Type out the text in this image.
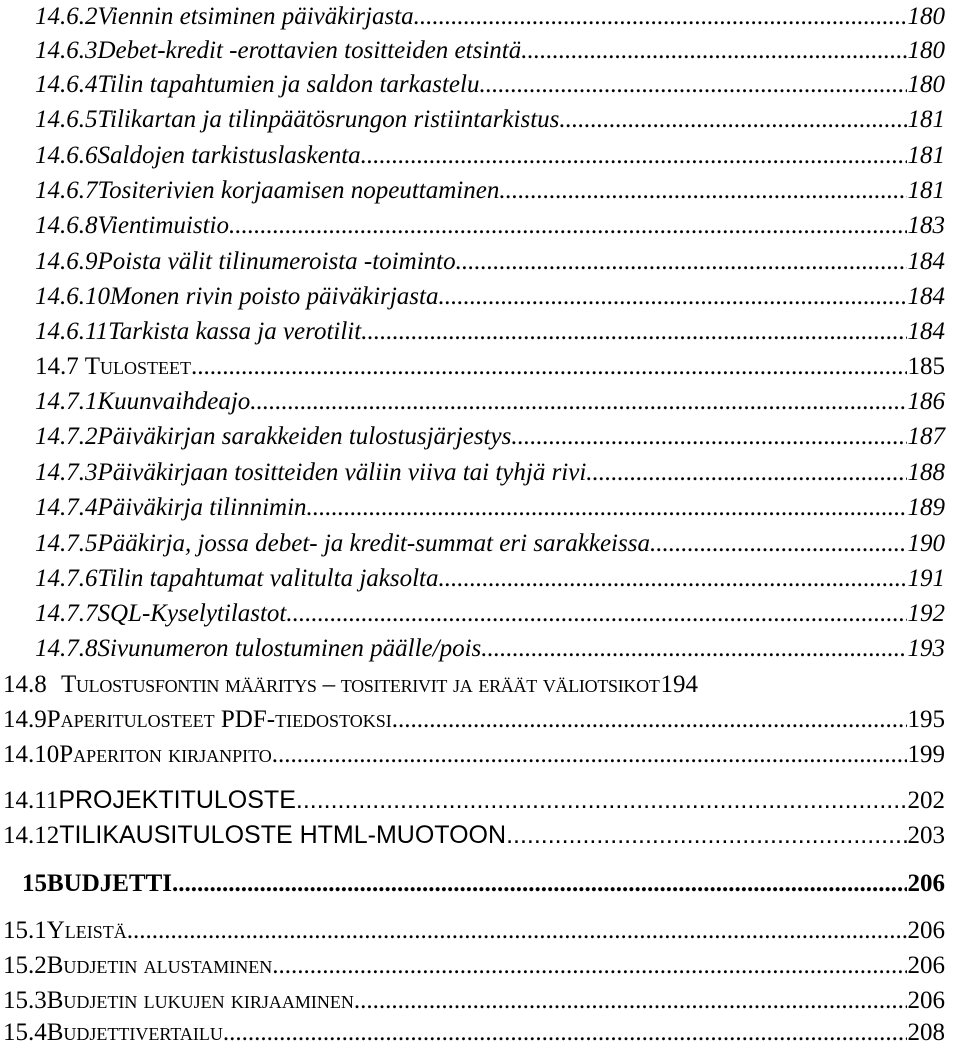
14.6.2 Viennin etsiminen päiväkirjasta .....	180
14.6.3 Debet-kredit -erottavien tositteiden etsintä .....	180
14.6.4 Tilin tapahtumien ja saldon tarkastelu .....	180
14.6.5 Tilikartan ja tilinpäätösrungon ristiintarkistus .....	181
14.6.6 Saldojen tarkistuslaskenta .....	181
14.6.7 Tositerivien korjaamisen nopeuttaminen .....	181
14.6.8 Vientimuistio .....	183
14.6.9 Poista välit tilinumeroista -toiminto .....	184
14.6.10 Monen rivin poisto päiväkirjasta .....	184
14.6.11 Tarkista kassa ja verotilit .....	184
14.7 Tulosteet .....	185
14.7.1 Kuunvaihdeajo .....	186
14.7.2 Päiväkirjan sarakkeiden tulostusjärjestys .....	187
14.7.3 Päiväkirjaan tositteiden väliin viiva tai tyhjä rivi .....	188
14.7.4 Päiväkirja tilinnimin .....	189
14.7.5 Pääkirja, jossa debet- ja kredit-summat eri sarakkeissa .....	190
14.7.6 Tilin tapahtumat valitulta jaksolta .....	191
14.7.7 SQL-Kyselytilastot .....	192
14.7.8 Sivunumeron tulostuminen päälle/pois .....	193
14.8 Tulostusfontin määritys – tositerivit ja eräät väliotsikot 194
14.9 Paperitulosteet PDF-tiedostoksi .....	195
14.10 Paperiton kirjanpito .....	199
14.11 PROJEKTITULOSTE .....	202
14.12 TILIKAUSITULOSTE HTML-MUOTOON .....	203
15 BUDJETTI .....	206
15.1 Yleistä .....	206
15.2 Budjetin alustaminen .....	206
15.3 Budjetin lukujen kirjaaminen .....	206
15.4 Budjettivertailu .....	208
